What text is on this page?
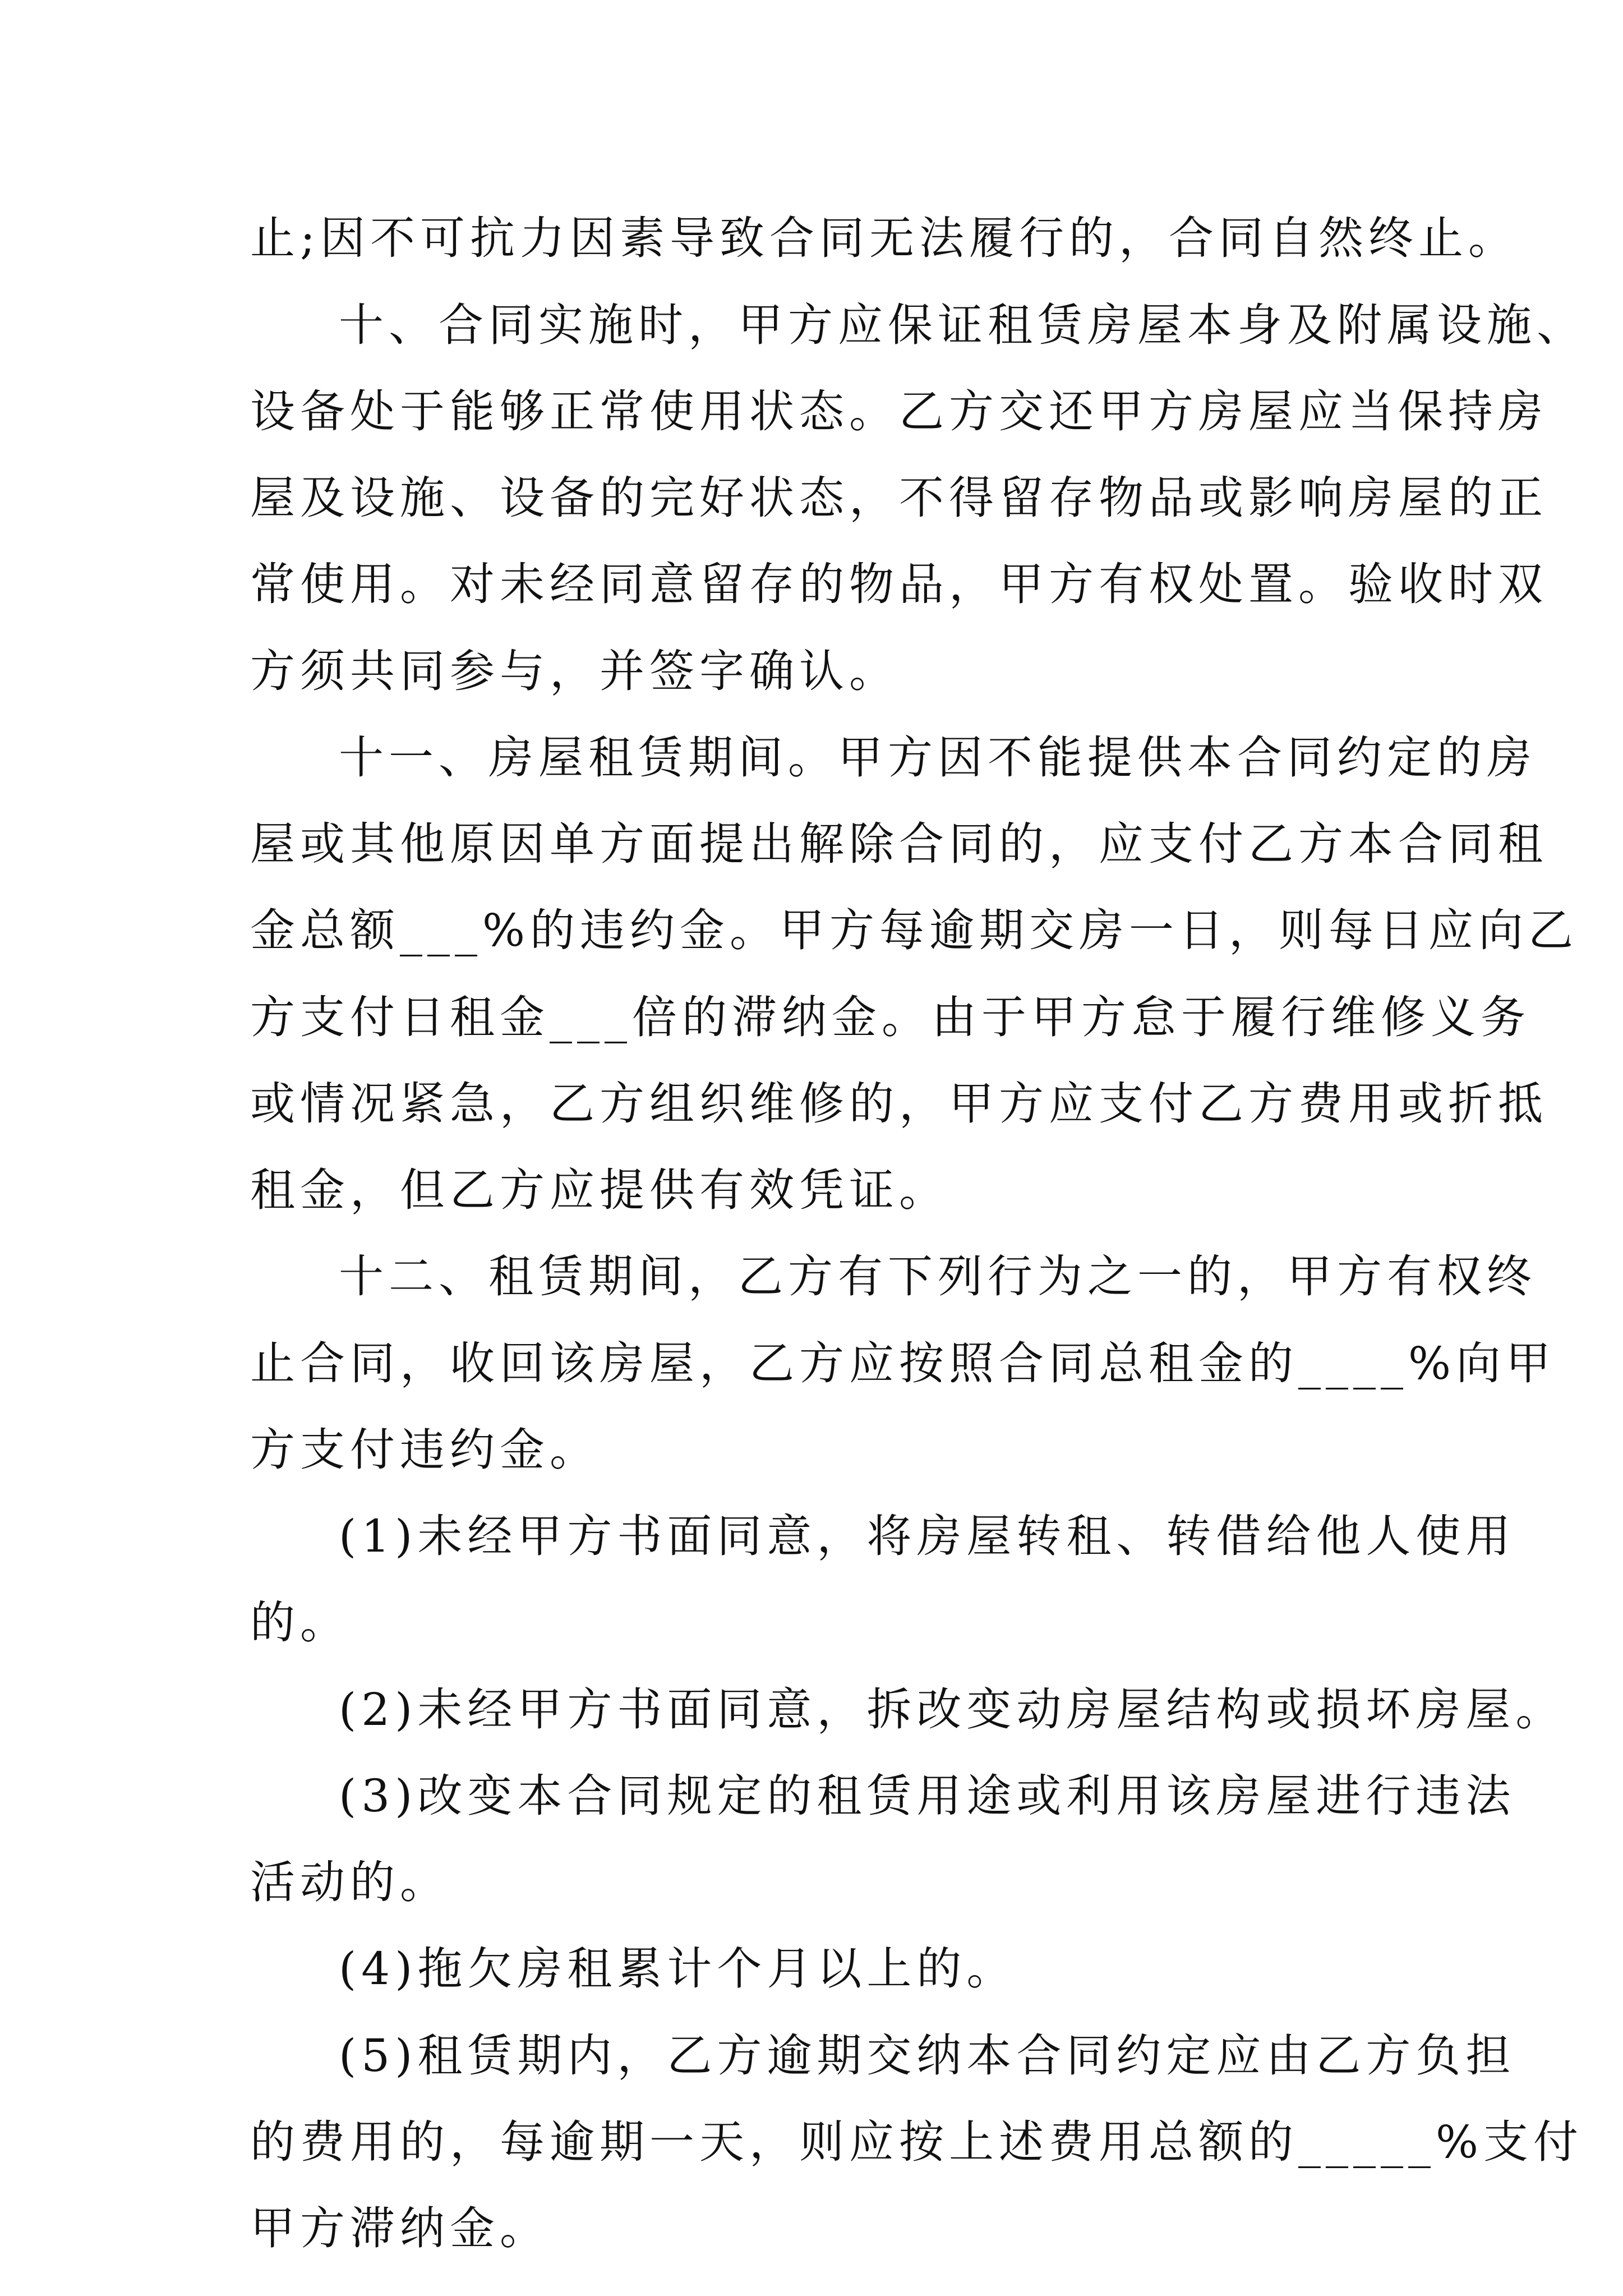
止;因不可抗力因素导致合同无法履行的，合同自然终止。
十、合同实施时，甲方应保证租赁房屋本身及附属设施、
设备处于能够正常使用状态。乙方交还甲方房屋应当保持房
屋及设施、设备的完好状态，不得留存物品或影响房屋的正
常使用。对未经同意留存的物品，甲方有权处置。验收时双
方须共同参与，并签字确认。
十一、房屋租赁期间。甲方因不能提供本合同约定的房
屋或其他原因单方面提出解除合同的，应支付乙方本合同租
金总额___%的违约金。甲方每逾期交房一日，则每日应向乙
方支付日租金___倍的滞纳金。由于甲方怠于履行维修义务
或情况紧急，乙方组织维修的，甲方应支付乙方费用或折抵
租金，但乙方应提供有效凭证。
十二、租赁期间，乙方有下列行为之一的，甲方有权终
止合同，收回该房屋，乙方应按照合同总租金的____%向甲
方支付违约金。
(1)未经甲方书面同意，将房屋转租、转借给他人使用
的。
(2)未经甲方书面同意，拆改变动房屋结构或损坏房屋。
(3)改变本合同规定的租赁用途或利用该房屋进行违法
活动的。
(4)拖欠房租累计个月以上的。
(5)租赁期内，乙方逾期交纳本合同约定应由乙方负担
的费用的，每逾期一天，则应按上述费用总额的_____%支付
甲方滞纳金。
